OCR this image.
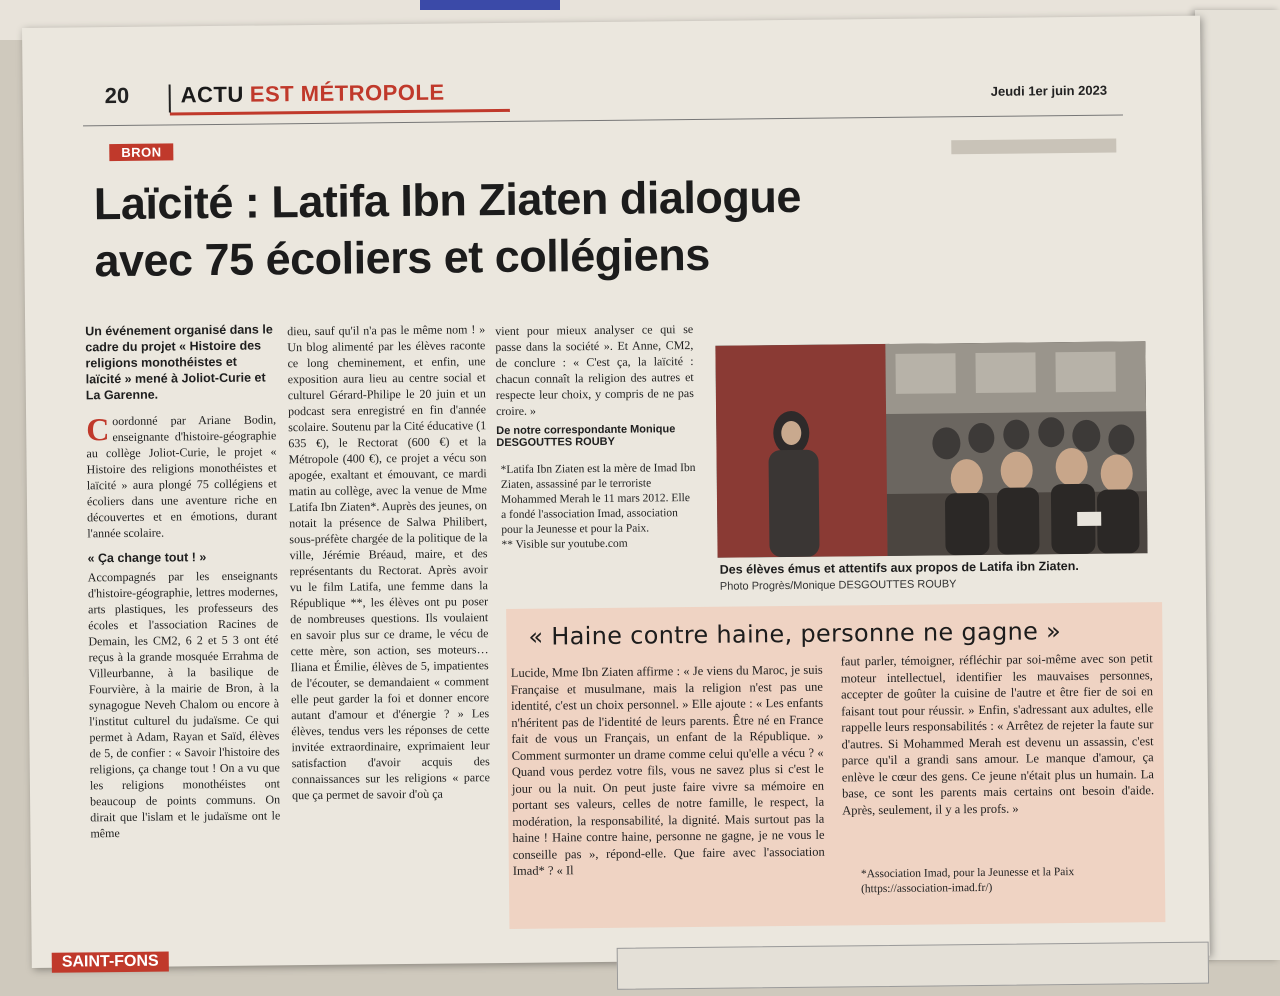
20 ACTU EST MÉTROPOLE	Jeudi 1er juin 2023
BRON
Laïcité : Latifa Ibn Ziaten dialogue
avec 75 écoliers et collégiens
Un événement organisé dans le cadre du projet « Histoire des religions monothéistes et laïcité » mené à Joliot-Curie et La Garenne.

Coordonné par Ariane Bodin, enseignante d'histoire-géographie au collège Joliot-Curie, le projet « Histoire des religions monothéistes et laïcité » aura plongé 75 collégiens et écoliers dans une aventure riche en découvertes et en émotions, durant l'année scolaire.

« Ça change tout ! »

Accompagnés par les enseignants d'histoire-géographie, lettres modernes, arts plastiques, les professeurs des écoles et l'association Racines de Demain, les CM2, 6 2 et 5 3 ont été reçus à la grande mosquée Errahma de Villeurbanne, à la basilique de Fourvière, à la mairie de Bron, à la synagogue Neveh Chalom ou encore à l'institut culturel du judaïsme. Ce qui permet à Adam, Rayan et Saïd, élèves de 5, de confier : « Savoir l'histoire des religions, ça change tout ! On a vu que les religions monothéistes ont beaucoup de points communs. On dirait que l'islam et le judaïsme ont le même

dieu, sauf qu'il n'a pas le même nom ! » Un blog alimenté par les élèves raconte ce long cheminement, et enfin, une exposition aura lieu au centre social et culturel Gérard-Philipe le 20 juin et un podcast sera enregistré en fin d'année scolaire. Soutenu par la Cité éducative (1 635 €), le Rectorat (600 €) et la Métropole (400 €), ce projet a vécu son apogée, exaltant et émouvant, ce mardi matin au collège, avec la venue de Mme Latifa Ibn Ziaten*. Auprès des jeunes, on notait la présence de Salwa Philibert, sous-préfète chargée de la politique de la ville, Jérémie Bréaud, maire, et des représentants du Rectorat. Après avoir vu le film Latifa, une femme dans la République **, les élèves ont pu poser de nombreuses questions. Ils voulaient en savoir plus sur ce drame, le vécu de cette mère, son action, ses moteurs… Iliana et Émilie, élèves de 5, impatientes de l'écouter, se demandaient « comment elle peut garder la foi et donner encore autant d'amour et d'énergie ? » Les élèves, tendus vers les réponses de cette invitée extraordinaire, exprimaient leur satisfaction d'avoir acquis des connaissances sur les religions « parce que ça permet de savoir d'où ça

vient pour mieux analyser ce qui se passe dans la société ». Et Anne, CM2, de conclure : « C'est ça, la laïcité : chacun connaît la religion des autres et respecte leur choix, y compris de ne pas croire. »

De notre correspondante Monique
DESGOUTTES ROUBY
*Latifa Ibn Ziaten est la mère de Imad Ibn Ziaten, assassiné par le terroriste Mohammed Merah le 11 mars 2012. Elle a fondé l'association Imad, association pour la Jeunesse et pour la Paix.
** Visible sur youtube.com
Des élèves émus et attentifs aux propos de Latifa ibn Ziaten.
Photo Progrès/Monique DESGOUTTES ROUBY
« Haine contre haine, personne ne gagne »

Lucide, Mme Ibn Ziaten affirme : « Je viens du Maroc, je suis Française et musulmane, mais la religion n'est pas une identité, c'est un choix personnel. » Elle ajoute : « Les enfants n'héritent pas de l'identité de leurs parents. Être né en France fait de vous un Français, un enfant de la République. » Comment surmonter un drame comme celui qu'elle a vécu ? « Quand vous perdez votre fils, vous ne savez plus si c'est le jour ou la nuit. On peut juste faire vivre sa mémoire en portant ses valeurs, celles de notre famille, le respect, la modération, la responsabilité, la dignité. Mais surtout pas la haine ! Haine contre haine, personne ne gagne, je ne vous le conseille pas », répond-elle. Que faire avec l'association Imad* ? « Il

faut parler, témoigner, réfléchir par soi-même avec son petit moteur intellectuel, identifier les mauvaises personnes, accepter de goûter la cuisine de l'autre et être fier de soi en faisant tout pour réussir. » Enfin, s'adressant aux adultes, elle rappelle leurs responsabilités : « Arrêtez de rejeter la faute sur d'autres. Si Mohammed Merah est devenu un assassin, c'est parce qu'il a grandi sans amour. Le manque d'amour, ça enlève le cœur des gens. Ce jeune n'était plus un humain. La base, ce sont les parents mais certains ont besoin d'aide. Après, seulement, il y a les profs. »

*Association Imad, pour la Jeunesse et la Paix
(https://association-imad.fr/)
SAINT-FONS
